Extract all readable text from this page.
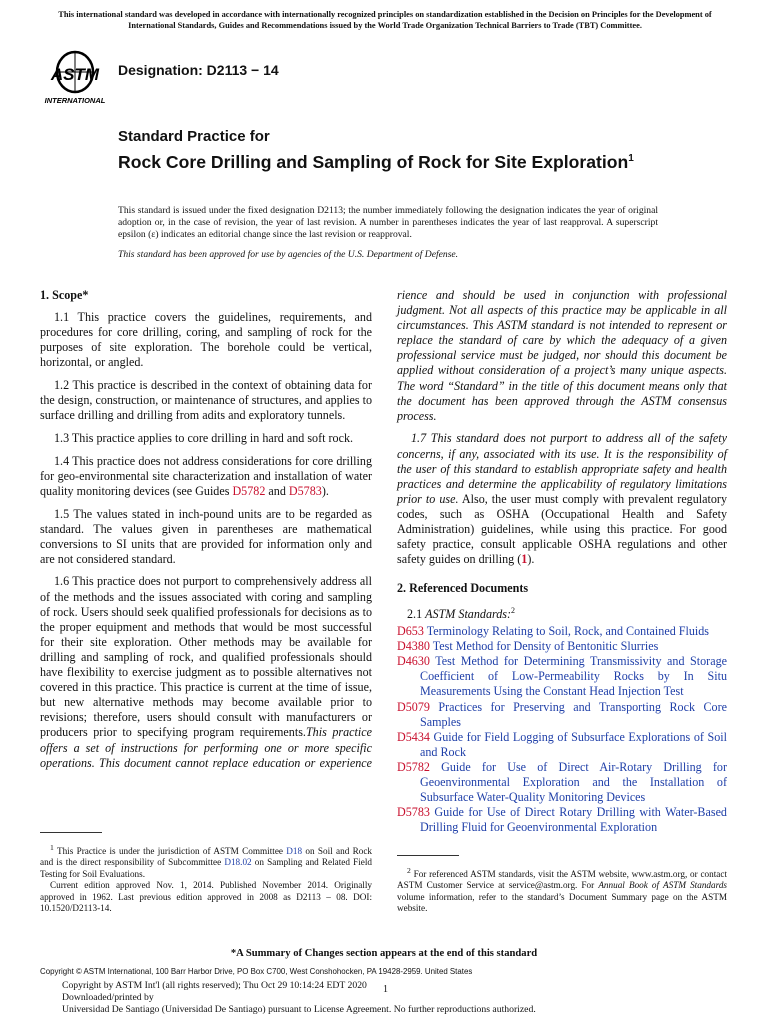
This international standard was developed in accordance with internationally recognized principles on standardization established in the Decision on Principles for the Development of International Standards, Guides and Recommendations issued by the World Trade Organization Technical Barriers to Trade (TBT) Committee.
ASTM
INTERNATIONAL
Designation: D2113 − 14
Standard Practice for
Rock Core Drilling and Sampling of Rock for Site Exploration$^1$
This standard is issued under the fixed designation D2113; the number immediately following the designation indicates the year of original adoption or, in the case of revision, the year of last revision. A number in parentheses indicates the year of last reapproval. A superscript epsilon (ε) indicates an editorial change since the last revision or reapproval.
This standard has been approved for use by agencies of the U.S. Department of Defense.
1. Scope*

1.1 This practice covers the guidelines, requirements, and procedures for core drilling, coring, and sampling of rock for the purposes of site exploration. The borehole could be vertical, horizontal, or angled.

1.2 This practice is described in the context of obtaining data for the design, construction, or maintenance of structures, and applies to surface drilling and drilling from adits and exploratory tunnels.

1.3 This practice applies to core drilling in hard and soft rock.

1.4 This practice does not address considerations for core drilling for geo-environmental site characterization and installation of water quality monitoring devices (see Guides D5782 and D5783).

1.5 The values stated in inch-pound units are to be regarded as standard. The values given in parentheses are mathematical conversions to SI units that are provided for information only and are not considered standard.

1.6 This practice does not purport to comprehensively address all of the methods and the issues associated with coring and sampling of rock. Users should seek qualified professionals for decisions as to the proper equipment and methods that would be most successful for their site exploration. Other methods may be available for drilling and sampling of rock, and qualified professionals should have flexibility to exercise judgment as to possible alternatives not covered in this practice. This practice is current at the time of issue, but new alternative methods may become available prior to revisions; therefore, users should consult with manufacturers or producers prior to specifying program requirements.This practice offers a set of instructions for performing one or more specific operations. This document cannot replace education or experience

rience and should be used in conjunction with professional judgment. Not all aspects of this practice may be applicable in all circumstances. This ASTM standard is not intended to represent or replace the standard of care by which the adequacy of a given professional service must be judged, nor should this document be applied without consideration of a project’s many unique aspects. The word “Standard” in the title of this document means only that the document has been approved through the ASTM consensus process.

1.7 This standard does not purport to address all of the safety concerns, if any, associated with its use. It is the responsibility of the user of this standard to establish appropriate safety and health practices and determine the applicability of regulatory limitations prior to use. Also, the user must comply with prevalent regulatory codes, such as OSHA (Occupational Health and Safety Administration) guidelines, while using this practice. For good safety practice, consult applicable OSHA regulations and other safety guides on drilling (1).

2. Referenced Documents
2.1 ASTM Standards:$^2$
D653 Terminology Relating to Soil, Rock, and Contained Fluids
D4380 Test Method for Density of Bentonitic Slurries
D4630 Test Method for Determining Transmissivity and Storage Coefficient of Low-Permeability Rocks by In Situ Measurements Using the Constant Head Injection Test
D5079 Practices for Preserving and Transporting Rock Core Samples
D5434 Guide for Field Logging of Subsurface Explorations of Soil and Rock
D5782 Guide for Use of Direct Air-Rotary Drilling for Geoenvironmental Exploration and the Installation of Subsurface Water-Quality Monitoring Devices
D5783 Guide for Use of Direct Rotary Drilling with Water-Based Drilling Fluid for Geoenvironmental Exploration

$^1$ This Practice is under the jurisdiction of ASTM Committee D18 on Soil and Rock and is the direct responsibility of Subcommittee D18.02 on Sampling and Related Field Testing for Soil Evaluations.

Current edition approved Nov. 1, 2014. Published November 2014. Originally approved in 1962. Last previous edition approved in 2008 as D2113 – 08. DOI: 10.1520/D2113-14.

$^2$ For referenced ASTM standards, visit the ASTM website, www.astm.org, or contact ASTM Customer Service at service@astm.org. For Annual Book of ASTM Standards volume information, refer to the standard’s Document Summary page on the ASTM website.

*A Summary of Changes section appears at the end of this standard
Copyright © ASTM International, 100 Barr Harbor Drive, PO Box C700, West Conshohocken, PA 19428-2959. United States
Copyright by ASTM Int'l (all rights reserved); Thu Oct 29 10:14:24 EDT 2020
Downloaded/printed by
Universidad De Santiago (Universidad De Santiago) pursuant to License Agreement. No further reproductions authorized.
1
